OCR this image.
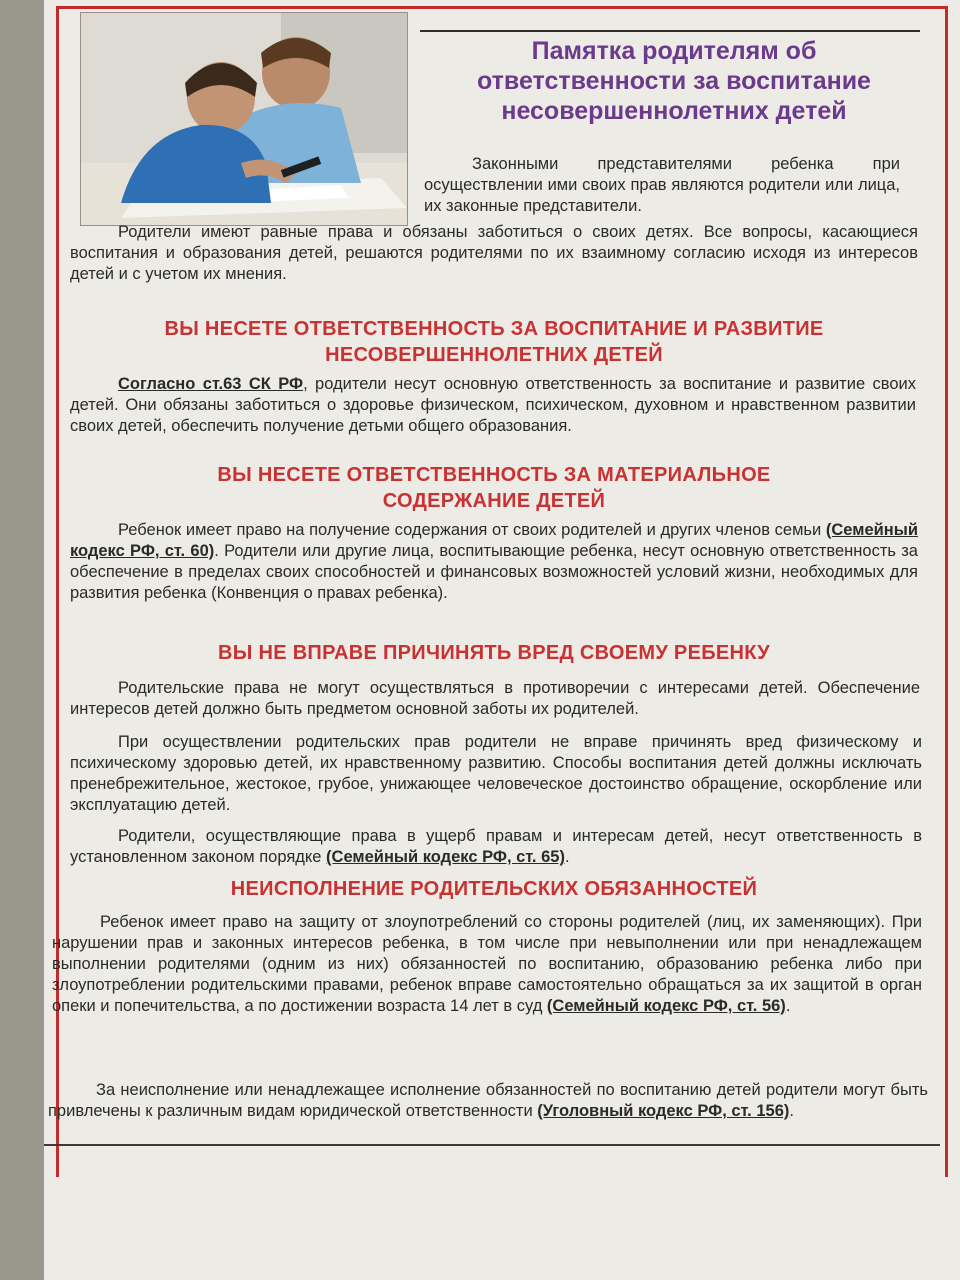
Памятка родителям об
ответственности за воспитание
несовершеннолетних детей
Законными представителями ребенка при осуществлении ими своих прав являются родители или лица, их законные представители.
Родители имеют равные права и обязаны заботиться о своих детях. Все вопросы, касающиеся воспитания и образования детей, решаются родителями по их взаимному согласию исходя из интересов детей и с учетом их мнения.
ВЫ НЕСЕТЕ ОТВЕТСТВЕННОСТЬ ЗА ВОСПИТАНИЕ И РАЗВИТИЕ
НЕСОВЕРШЕННОЛЕТНИХ ДЕТЕЙ
Согласно ст.63 СК РФ, родители несут основную ответственность за воспитание и развитие своих детей. Они обязаны заботиться о здоровье физическом, психическом, духовном и нравственном развитии своих детей, обеспечить получение детьми общего образования.
ВЫ НЕСЕТЕ ОТВЕТСТВЕННОСТЬ ЗА МАТЕРИАЛЬНОЕ
СОДЕРЖАНИЕ ДЕТЕЙ
Ребенок имеет право на получение содержания от своих родителей и других членов семьи (Семейный кодекс РФ, ст. 60). Родители или другие лица, воспитывающие ребенка, несут основную ответственность за обеспечение в пределах своих способностей и финансовых возможностей условий жизни, необходимых для развития ребенка (Конвенция о правах ребенка).
ВЫ НЕ ВПРАВЕ ПРИЧИНЯТЬ ВРЕД СВОЕМУ РЕБЕНКУ
Родительские права не могут осуществляться в противоречии с интересами детей. Обеспечение интересов детей должно быть предметом основной заботы их родителей.
При осуществлении родительских прав родители не вправе причинять вред физическому и психическому здоровью детей, их нравственному развитию. Способы воспитания детей должны исключать пренебрежительное, жестокое, грубое, унижающее человеческое достоинство обращение, оскорбление или эксплуатацию детей.
Родители, осуществляющие права в ущерб правам и интересам детей, несут ответственность в установленном законом порядке (Семейный кодекс РФ, ст. 65).
НЕИСПОЛНЕНИЕ РОДИТЕЛЬСКИХ ОБЯЗАННОСТЕЙ
Ребенок имеет право на защиту от злоупотреблений со стороны родителей (лиц, их заменяющих). При нарушении прав и законных интересов ребенка, в том числе при невыполнении или при ненадлежащем выполнении родителями (одним из них) обязанностей по воспитанию, образованию ребенка либо при злоупотреблении родительскими правами, ребенок вправе самостоятельно обращаться за их защитой в орган опеки и попечительства, а по достижении возраста 14 лет в суд (Семейный кодекс РФ, ст. 56).
За неисполнение или ненадлежащее исполнение обязанностей по воспитанию детей родители могут быть привлечены к различным видам юридической ответственности (Уголовный кодекс РФ, ст. 156).
